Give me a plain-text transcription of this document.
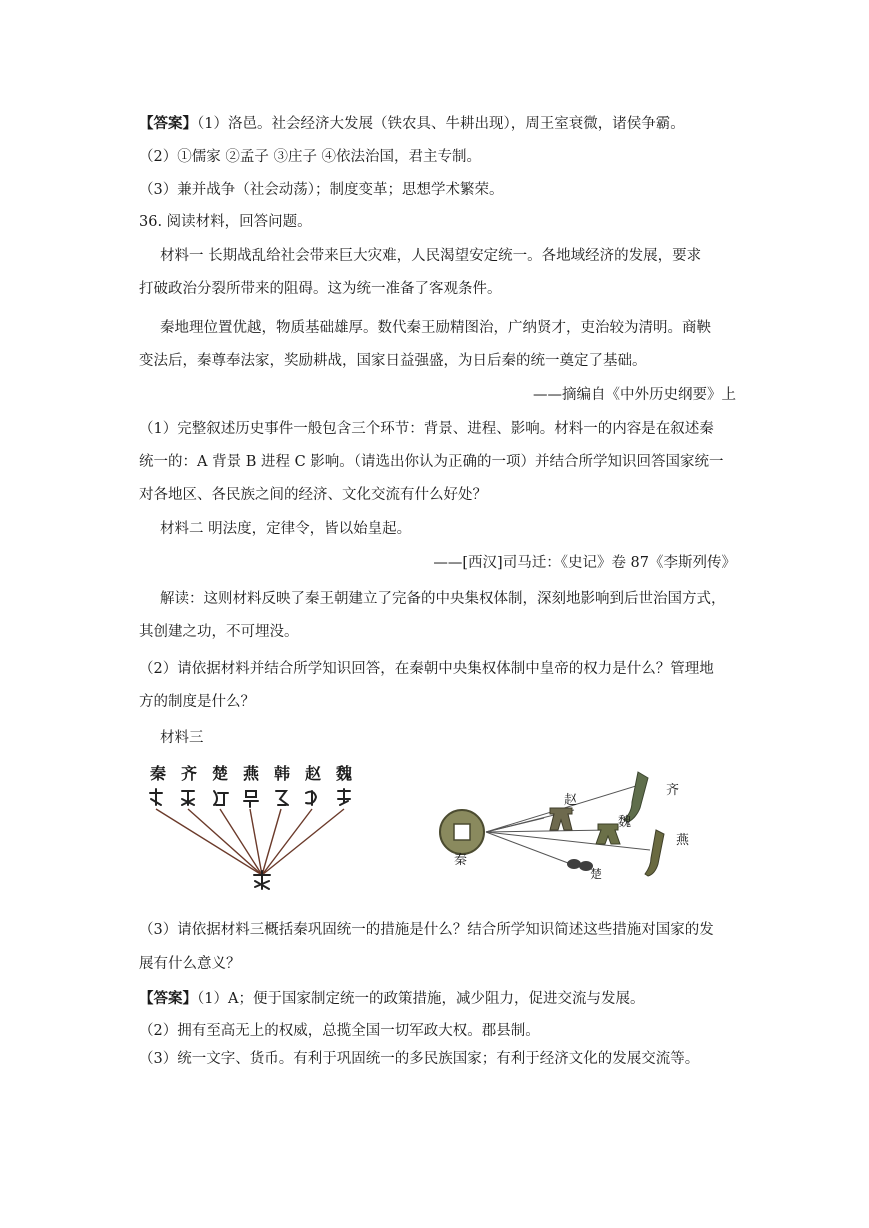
【答案】（1）洛邑。社会经济大发展（铁农具、牛耕出现），周王室衰微，诸侯争霸。
（2）①儒家 ②孟子 ③庄子 ④依法治国，君主专制。
（3）兼并战争（社会动荡）；制度变革；思想学术繁荣。
36. 阅读材料，回答问题。
材料一 长期战乱给社会带来巨大灾难，人民渴望安定统一。各地域经济的发展，要求
打破政治分裂所带来的阻碍。这为统一准备了客观条件。
秦地理位置优越，物质基础雄厚。数代秦王励精图治，广纳贤才，吏治较为清明。商鞅
变法后，秦尊奉法家，奖励耕战，国家日益强盛，为日后秦的统一奠定了基础。
——摘编自《中外历史纲要》上
（1）完整叙述历史事件一般包含三个环节：背景、进程、影响。材料一的内容是在叙述秦
统一的：A 背景 B 进程 C 影响。（请选出你认为正确的一项）并结合所学知识回答国家统一
对各地区、各民族之间的经济、文化交流有什么好处？
材料二 明法度，定律令，皆以始皇起。
——[西汉]司马迁：《史记》卷 87《李斯列传》
解读：这则材料反映了秦王朝建立了完备的中央集权体制，深刻地影响到后世治国方式，
其创建之功，不可埋没。
（2）请依据材料并结合所学知识回答，在秦朝中央集权体制中皇帝的权力是什么？管理地
方的制度是什么？
材料三
秦 齐 楚 燕 韩 赵 魏
秦
齐
赵
魏
燕
楚
（3）请依据材料三概括秦巩固统一的措施是什么？结合所学知识简述这些措施对国家的发
展有什么意义？
【答案】（1）A；便于国家制定统一的政策措施，减少阻力，促进交流与发展。
（2）拥有至高无上的权威，总揽全国一切军政大权。郡县制。
（3）统一文字、货币。有利于巩固统一的多民族国家；有利于经济文化的发展交流等。
